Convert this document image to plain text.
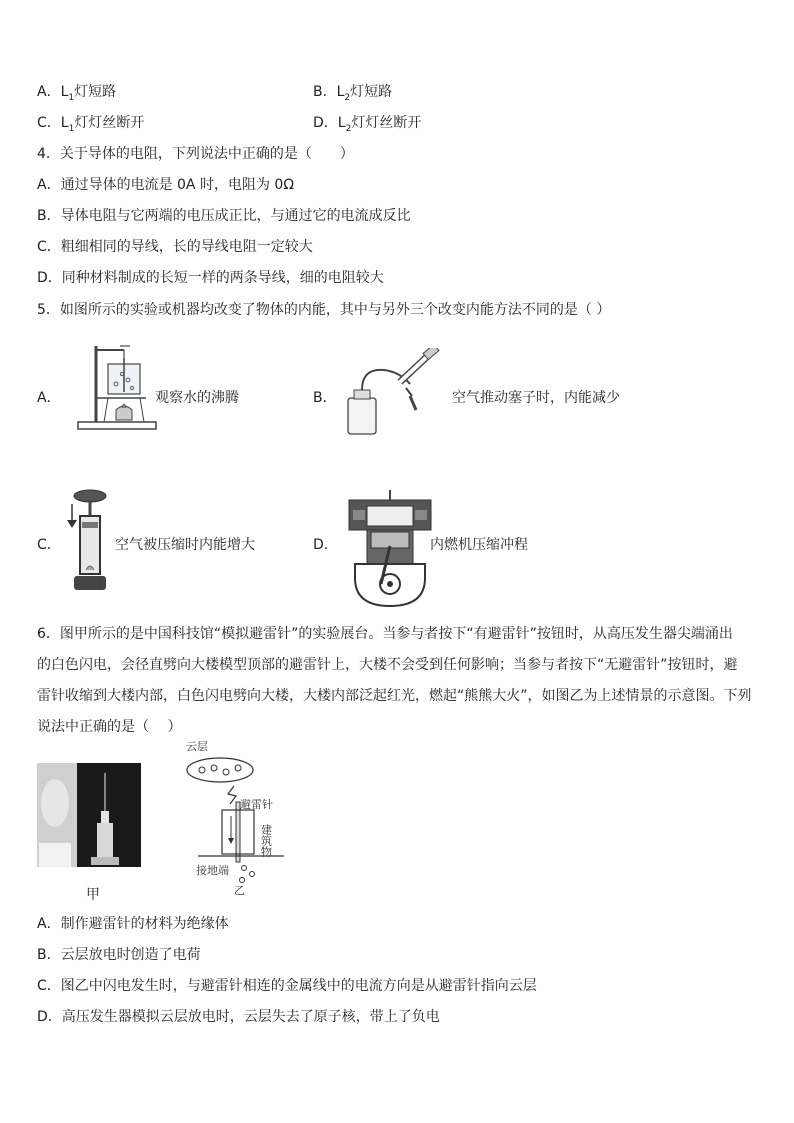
A．$L_1$灯短路	B．$L_2$灯短路
C．$L_1$灯灯丝断开	D．$L_2$灯灯丝断开
4．关于导体的电阻，下列说法中正确的是（　　）
A．通过导体的电流是 0A 时，电阻为 0Ω
B．导体电阻与它两端的电压成正比，与通过它的电流成反比
C．粗细相同的导线，长的导线电阻一定较大
D．同种材料制成的长短一样的两条导线，细的电阻较大
5．如图所示的实验或机器均改变了物体的内能，其中与另外三个改变内能方法不同的是（ ）
A．	观察水的沸腾	B．	空气推动塞子时，内能减少
C．	空气被压缩时内能增大	D．	内燃机压缩冲程
6．图甲所示的是中国科技馆“模拟避雷针”的实验展台。当参与者按下“有避雷针”按钮时，从高压发生器尖端涌出
的白色闪电，会径直劈向大楼模型顶部的避雷针上，大楼不会受到任何影响；当参与者按下“无避雷针”按钮时，避
雷针收缩到大楼内部，白色闪电劈向大楼，大楼内部泛起红光，燃起“熊熊大火”，如图乙为上述情景的示意图。下列
说法中正确的是（　 ）
甲
云层
避雷针
建筑物
接地端
乙
A．制作避雷针的材料为绝缘体
B．云层放电时创造了电荷
C．图乙中闪电发生时，与避雷针相连的金属线中的电流方向是从避雷针指向云层
D．高压发生器模拟云层放电时，云层失去了原子核，带上了负电
